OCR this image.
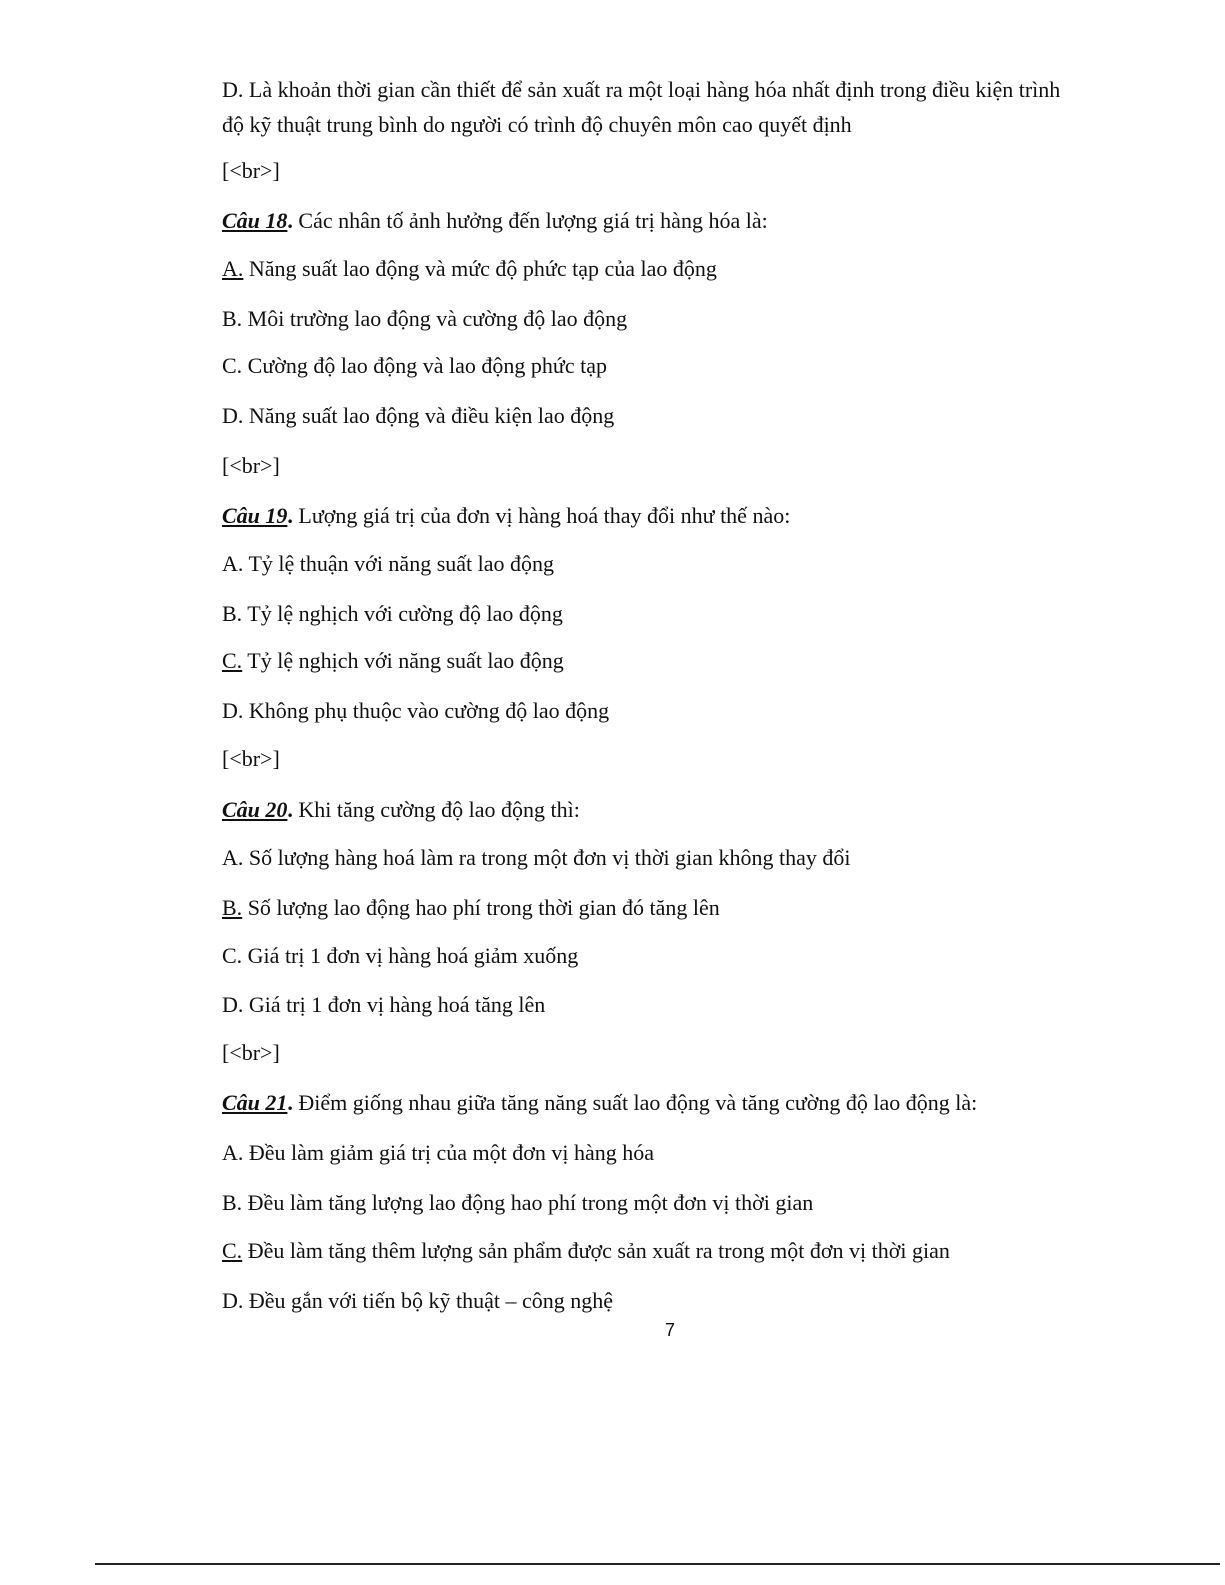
D. Là khoản thời gian cần thiết để sản xuất ra một loại hàng hóa nhất định trong điều kiện trình
độ kỹ thuật trung bình do người có trình độ chuyên môn cao quyết định
[<br>]
Câu 18. Các nhân tố ảnh hưởng đến lượng giá trị hàng hóa là:
A. Năng suất lao động và mức độ phức tạp của lao động
B. Môi trường lao động và cường độ lao động
C. Cường độ lao động và lao động phức tạp
D. Năng suất lao động và điều kiện lao động
[<br>]
Câu 19. Lượng giá trị của đơn vị hàng hoá thay đổi như thế nào:
A. Tỷ lệ thuận với năng suất lao động
B. Tỷ lệ nghịch với cường độ lao động
C. Tỷ lệ nghịch với năng suất lao động
D. Không phụ thuộc vào cường độ lao động
[<br>]
Câu 20. Khi tăng cường độ lao động thì:
A. Số lượng hàng hoá làm ra trong một đơn vị thời gian không thay đổi
B. Số lượng lao động hao phí trong thời gian đó tăng lên
C. Giá trị 1 đơn vị hàng hoá giảm xuống
D. Giá trị 1 đơn vị hàng hoá tăng lên
[<br>]
Câu 21. Điểm giống nhau giữa tăng năng suất lao động và tăng cường độ lao động là:
A. Đều làm giảm giá trị của một đơn vị hàng hóa
B. Đều làm tăng lượng lao động hao phí trong một đơn vị thời gian
C. Đều làm tăng thêm lượng sản phẩm được sản xuất ra trong một đơn vị thời gian
D. Đều gắn với tiến bộ kỹ thuật – công nghệ
7
